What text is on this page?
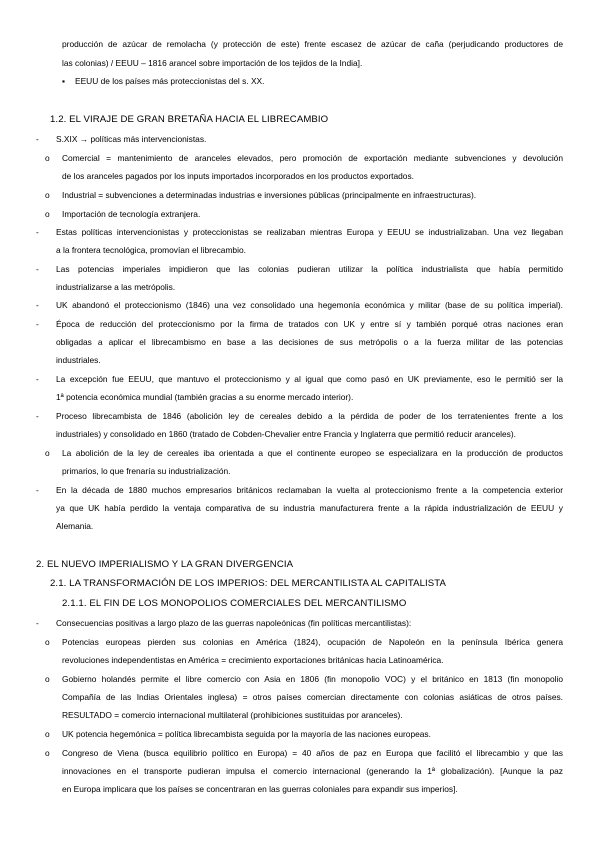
producción de azúcar de remolacha (y protección de este) frente escasez de azúcar de caña (perjudicando productores de
las colonias) / EEUU – 1816 arancel sobre importación de los tejidos de la India].
▪ EEUU de los países más proteccionistas del s. XX.
1.2. EL VIRAJE DE GRAN BRETAÑA HACIA EL LIBRECAMBIO
- S.XIX → políticas más intervencionistas.
o Comercial = mantenimiento de aranceles elevados, pero promoción de exportación mediante subvenciones y devolución
de los aranceles pagados por los inputs importados incorporados en los productos exportados.
o Industrial = subvenciones a determinadas industrias e inversiones públicas (principalmente en infraestructuras).
o Importación de tecnología extranjera.
- Estas políticas intervencionistas y proteccionistas se realizaban mientras Europa y EEUU se industrializaban. Una vez llegaban
a la frontera tecnológica, promovían el librecambio.
- Las potencias imperiales impidieron que las colonias pudieran utilizar la política industrialista que había permitido
industrializarse a las metrópolis.
- UK abandonó el proteccionismo (1846) una vez consolidado una hegemonía económica y militar (base de su política imperial).
- Época de reducción del proteccionismo por la firma de tratados con UK y entre sí y también porqué otras naciones eran
obligadas a aplicar el librecambismo en base a las decisiones de sus metrópolis o a la fuerza militar de las potencias
industriales.
- La excepción fue EEUU, que mantuvo el proteccionismo y al igual que como pasó en UK previamente, eso le permitió ser la
1ª potencia económica mundial (también gracias a su enorme mercado interior).
- Proceso librecambista de 1846 (abolición ley de cereales debido a la pérdida de poder de los terratenientes frente a los
industriales) y consolidado en 1860 (tratado de Cobden-Chevalier entre Francia y Inglaterra que permitió reducir aranceles).
o La abolición de la ley de cereales iba orientada a que el continente europeo se especializara en la producción de productos
primarios, lo que frenaría su industrialización.
- En la década de 1880 muchos empresarios británicos reclamaban la vuelta al proteccionismo frente a la competencia exterior
ya que UK había perdido la ventaja comparativa de su industria manufacturera frente a la rápida industrialización de EEUU y
Alemania.
2. EL NUEVO IMPERIALISMO Y LA GRAN DIVERGENCIA
2.1. LA TRANSFORMACIÓN DE LOS IMPERIOS: DEL MERCANTILISTA AL CAPITALISTA
2.1.1. EL FIN DE LOS MONOPOLIOS COMERCIALES DEL MERCANTILISMO
- Consecuencias positivas a largo plazo de las guerras napoleónicas (fin políticas mercantilistas):
o Potencias europeas pierden sus colonias en América (1824), ocupación de Napoleón en la península Ibérica genera
revoluciones independentistas en América = crecimiento exportaciones británicas hacia Latinoamérica.
o Gobierno holandés permite el libre comercio con Asia en 1806 (fin monopolio VOC) y el británico en 1813 (fin monopolio
Compañía de las Indias Orientales inglesa) = otros países comercian directamente con colonias asiáticas de otros países.
RESULTADO = comercio internacional multilateral (prohibiciones sustituidas por aranceles).
o UK potencia hegemónica = política librecambista seguida por la mayoría de las naciones europeas.
o Congreso de Viena (busca equilibrio político en Europa) = 40 años de paz en Europa que facilitó el librecambio y que las
innovaciones en el transporte pudieran impulsa el comercio internacional (generando la 1ª globalización). [Aunque la paz
en Europa implicara que los países se concentraran en las guerras coloniales para expandir sus imperios].
